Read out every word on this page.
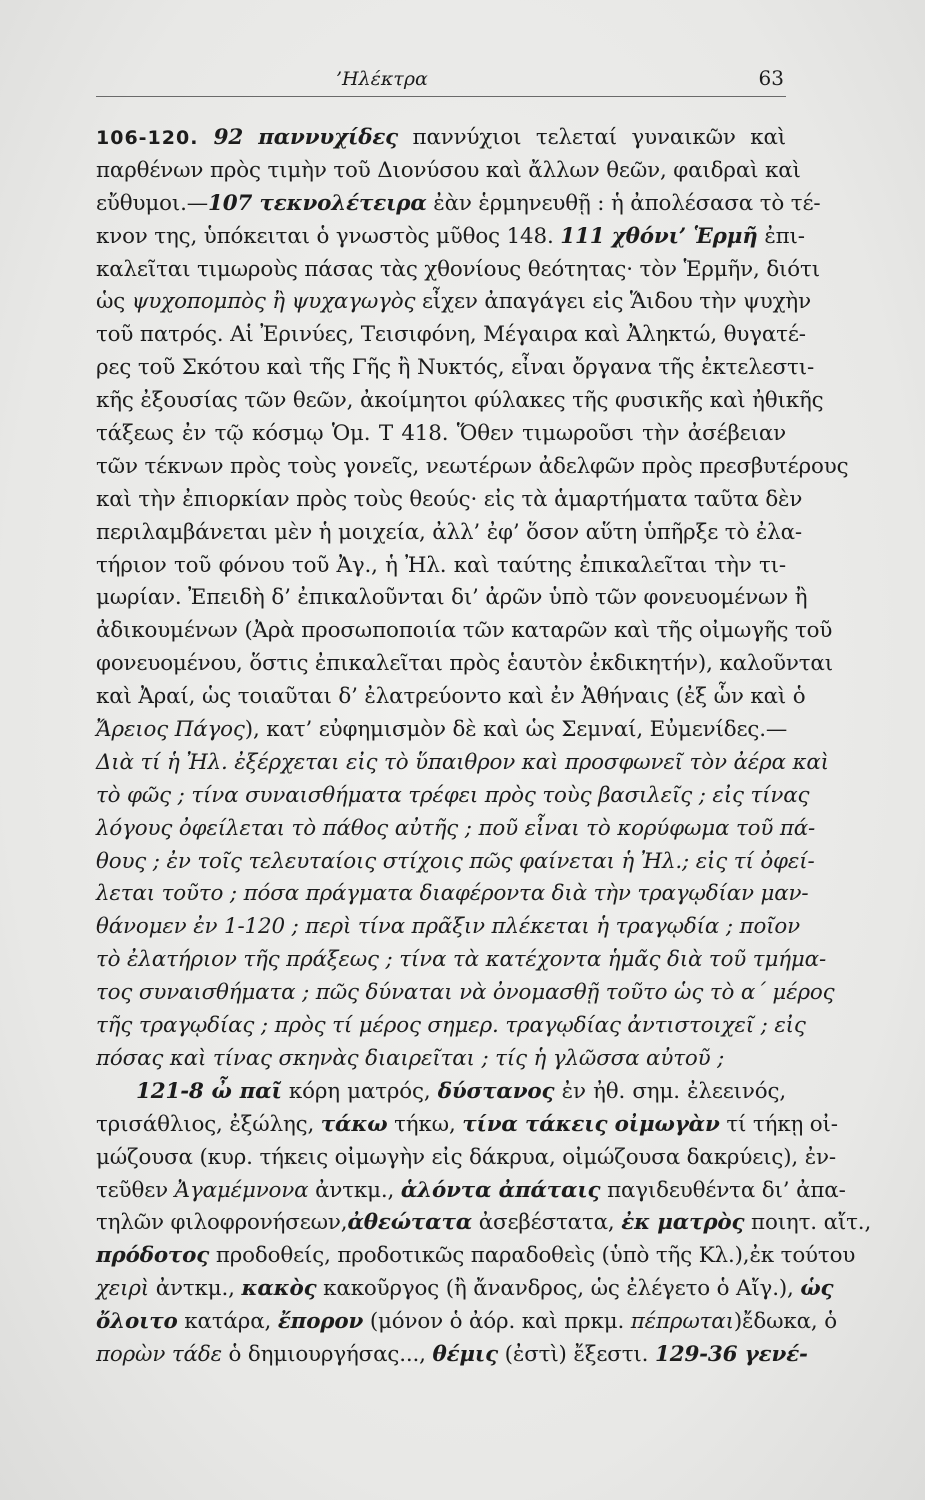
’Ηλέκτρα	63
106-120. 92 παννυχίδες παννύχιοι τελεταί γυναικῶν καὶ
παρθένων πρὸς τιμὴν τοῦ Διονύσου καὶ ἄλλων θεῶν, φαιδραὶ καὶ
εὔθυμοι.—107 τεκνολέτειρα ἐὰν ἑρμηνευθῇ : ἡ ἀπολέσασα τὸ τέ-
κνον της, ὑπόκειται ὁ γνωστὸς μῦθος 148. 111 χθόνι’ Ἑρμῆ ἐπι-
καλεῖται τιμωροὺς πάσας τὰς χθονίους θεότητας· τὸν Ἑρμῆν, διότι
ὡς ψυχοπομπὸς ἢ ψυχαγωγὸς εἶχεν ἀπαγάγει εἰς Ἅιδου τὴν ψυχὴν
τοῦ πατρός. Αἱ Ἐρινύες, Τεισιφόνη, Μέγαιρα καὶ Ἀληκτώ, θυγατέ-
ρες τοῦ Σκότου καὶ τῆς Γῆς ἢ Νυκτός, εἶναι ὄργανα τῆς ἐκτελεστι-
κῆς ἐξουσίας τῶν θεῶν, ἀκοίμητοι φύλακες τῆς φυσικῆς καὶ ἠθικῆς
τάξεως ἐν τῷ κόσμῳ Ὁμ. Τ 418. Ὅθεν τιμωροῦσι τὴν ἀσέβειαν
τῶν τέκνων πρὸς τοὺς γονεῖς, νεωτέρων ἀδελφῶν πρὸς πρεσβυτέρους
καὶ τὴν ἐπιορκίαν πρὸς τοὺς θεούς· εἰς τὰ ἁμαρτήματα ταῦτα δὲν
περιλαμβάνεται μὲν ἡ μοιχεία, ἀλλ’ ἐφ’ ὅσον αὕτη ὑπῆρξε τὸ ἐλα-
τήριον τοῦ φόνου τοῦ Ἀγ., ἡ Ἠλ. καὶ ταύτης ἐπικαλεῖται τὴν τι-
μωρίαν. Ἐπειδὴ δ’ ἐπικαλοῦνται δι’ ἀρῶν ὑπὸ τῶν φονευομένων ἢ
ἀδικουμένων (Ἀρὰ προσωποποιία τῶν καταρῶν καὶ τῆς οἰμωγῆς τοῦ
φονευομένου, ὅστις ἐπικαλεῖται πρὸς ἑαυτὸν ἐκδικητήν), καλοῦνται
καὶ Ἀραί, ὡς τοιαῦται δ’ ἐλατρεύοντο καὶ ἐν Ἀθήναις (ἐξ ὧν καὶ ὁ
Ἄρειος Πάγος), κατ’ εὐφημισμὸν δὲ καὶ ὡς Σεμναί, Εὐμενίδες.—
Διὰ τί ἡ Ἠλ. ἐξέρχεται εἰς τὸ ὕπαιθρον καὶ προσφωνεῖ τὸν ἀέρα καὶ
τὸ φῶς ; τίνα συναισθήματα τρέφει πρὸς τοὺς βασιλεῖς ; εἰς τίνας
λόγους ὀφείλεται τὸ πάθος αὐτῆς ; ποῦ εἶναι τὸ κορύφωμα τοῦ πά-
θους ; ἐν τοῖς τελευταίοις στίχοις πῶς φαίνεται ἡ Ἠλ.; εἰς τί ὀφεί-
λεται τοῦτο ; πόσα πράγματα διαφέροντα διὰ τὴν τραγῳδίαν μαν-
θάνομεν ἐν 1-120 ; περὶ τίνα πρᾶξιν πλέκεται ἡ τραγῳδία ; ποῖον
τὸ ἐλατήριον τῆς πράξεως ; τίνα τὰ κατέχοντα ἡμᾶς διὰ τοῦ τμήμα-
τος συναισθήματα ; πῶς δύναται νὰ ὀνομασθῇ τοῦτο ὡς τὸ α΄ μέρος
τῆς τραγῳδίας ; πρὸς τί μέρος σημερ. τραγῳδίας ἀντιστοιχεῖ ; εἰς
πόσας καὶ τίνας σκηνὰς διαιρεῖται ; τίς ἡ γλῶσσα αὐτοῦ ;
121-8 ὦ παῖ κόρη ματρός, δύστανος ἐν ἠθ. σημ. ἐλεεινός,
τρισάθλιος, ἐξώλης, τάκω τήκω, τίνα τάκεις οἰμωγὰν τί τήκῃ οἰ-
μώζουσα (κυρ. τήκεις οἰμωγὴν εἰς δάκρυα, οἰμώζουσα δακρύεις), ἐν-
τεῦθεν Ἀγαμέμνονα ἀντκμ., ἁλόντα ἀπάταις παγιδευθέντα δι’ ἀπα-
τηλῶν φιλοφρονήσεων,ἀθεώτατα ἀσεβέστατα, ἐκ ματρὸς ποιητ. αἴτ.,
πρόδοτος προδοθείς, προδοτικῶς παραδοθεὶς (ὑπὸ τῆς Κλ.),ἐκ τούτου
χειρὶ ἀντκμ., κακὸς κακοῦργος (ἢ ἄνανδρος, ὡς ἐλέγετο ὁ Αἴγ.), ὡς
ὄλοιτο κατάρα, ἔπορον (μόνον ὁ ἀόρ. καὶ πρκμ. πέπρωται)ἔδωκα, ὁ
πορὼν τάδε ὁ δημιουργήσας..., θέμις (ἐστὶ) ἔξεστι. 129-36 γενέ-
